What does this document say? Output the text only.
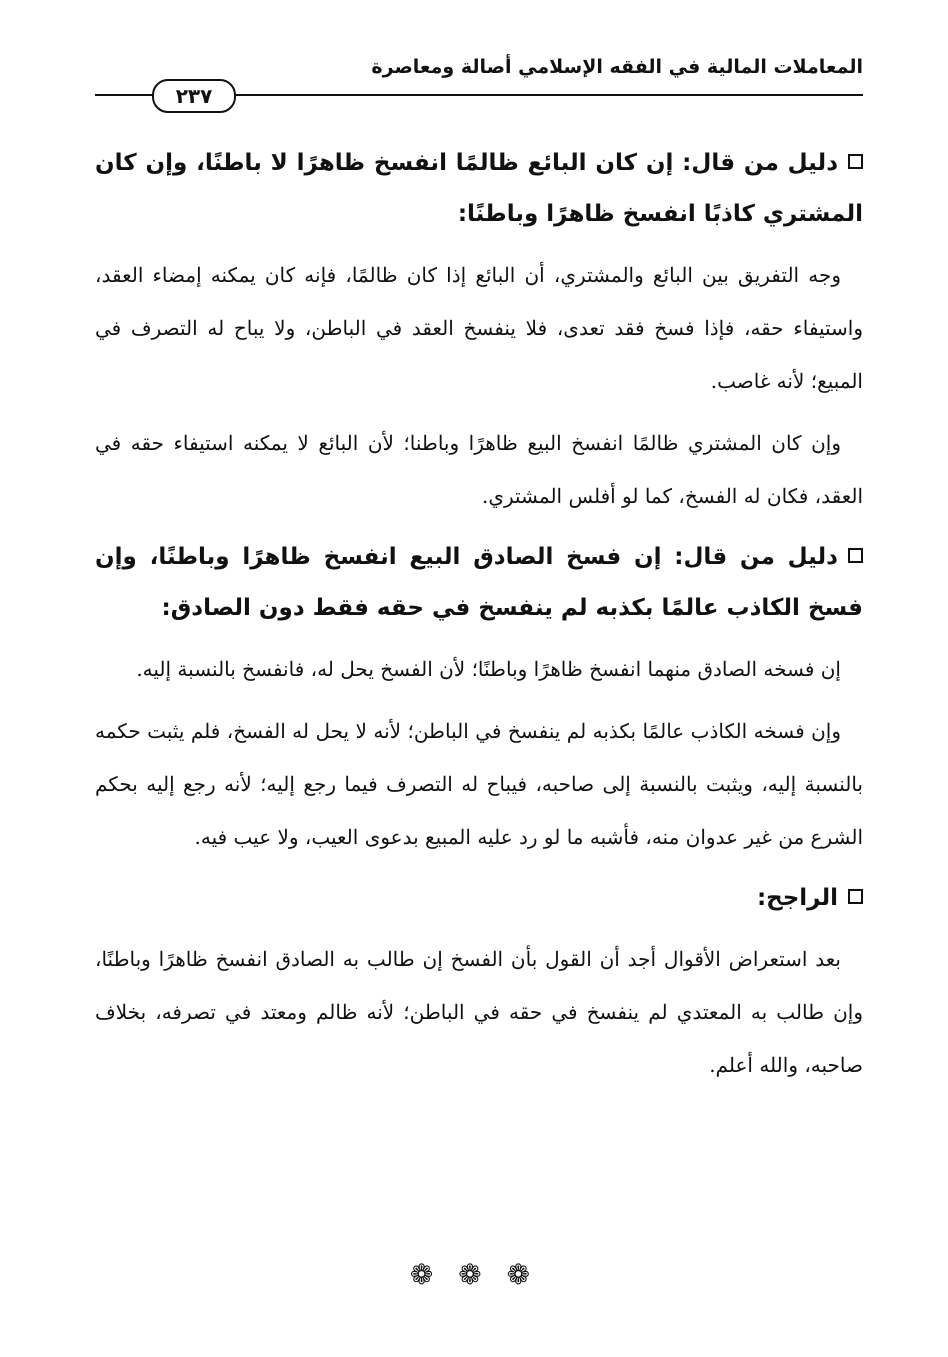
المعاملات المالية في الفقه الإسلامي أصالة ومعاصرة
٢٣٧
دليل من قال: إن كان البائع ظالمًا انفسخ ظاهرًا لا باطنًا، وإن كان المشتري كاذبًا انفسخ ظاهرًا وباطنًا:

وجه التفريق بين البائع والمشتري، أن البائع إذا كان ظالمًا، فإنه كان يمكنه إمضاء العقد، واستيفاء حقه، فإذا فسخ فقد تعدى، فلا ينفسخ العقد في الباطن، ولا يباح له التصرف في المبيع؛ لأنه غاصب.

وإن كان المشتري ظالمًا انفسخ البيع ظاهرًا وباطنا؛ لأن البائع لا يمكنه استيفاء حقه في العقد، فكان له الفسخ، كما لو أفلس المشتري.

دليل من قال: إن فسخ الصادق البيع انفسخ ظاهرًا وباطنًا، وإن فسخ الكاذب عالمًا بكذبه لم ينفسخ في حقه فقط دون الصادق:

إن فسخه الصادق منهما انفسخ ظاهرًا وباطنًا؛ لأن الفسخ يحل له، فانفسخ بالنسبة إليه.

وإن فسخه الكاذب عالمًا بكذبه لم ينفسخ في الباطن؛ لأنه لا يحل له الفسخ، فلم يثبت حكمه بالنسبة إليه، ويثبت بالنسبة إلى صاحبه، فيباح له التصرف فيما رجع إليه؛ لأنه رجع إليه بحكم الشرع من غير عدوان منه، فأشبه ما لو رد عليه المبيع بدعوى العيب، ولا عيب فيه.

الراجح:

بعد استعراض الأقوال أجد أن القول بأن الفسخ إن طالب به الصادق انفسخ ظاهرًا وباطنًا، وإن طالب به المعتدي لم ينفسخ في حقه في الباطن؛ لأنه ظالم ومعتد في تصرفه، بخلاف صاحبه، والله أعلم.

❁ ❁ ❁
